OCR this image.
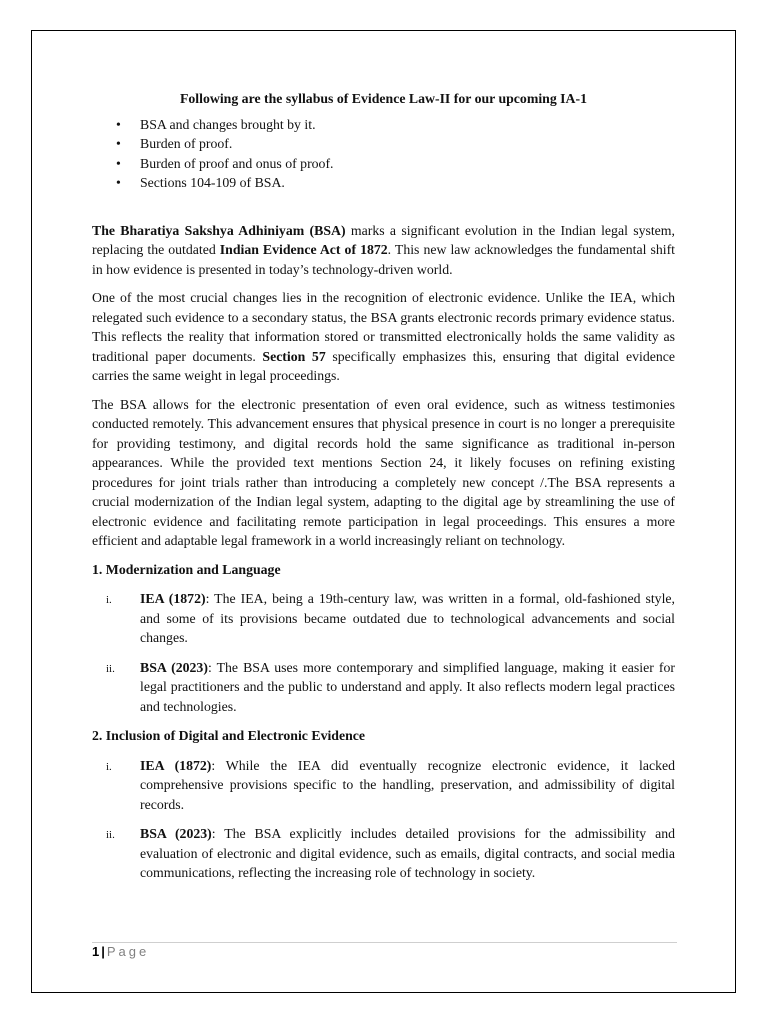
Following are the syllabus of Evidence Law-II for our upcoming IA-1

• BSA and changes brought by it.
• Burden of proof.
• Burden of proof and onus of proof.
• Sections 104-109 of BSA.

The Bharatiya Sakshya Adhiniyam (BSA) marks a significant evolution in the Indian legal system, replacing the outdated Indian Evidence Act of 1872. This new law acknowledges the fundamental shift in how evidence is presented in today’s technology-driven world.

One of the most crucial changes lies in the recognition of electronic evidence. Unlike the IEA, which relegated such evidence to a secondary status, the BSA grants electronic records primary evidence status. This reflects the reality that information stored or transmitted electronically holds the same validity as traditional paper documents. Section 57 specifically emphasizes this, ensuring that digital evidence carries the same weight in legal proceedings.

The BSA allows for the electronic presentation of even oral evidence, such as witness testimonies conducted remotely. This advancement ensures that physical presence in court is no longer a prerequisite for providing testimony, and digital records hold the same significance as traditional in-person appearances. While the provided text mentions Section 24, it likely focuses on refining existing procedures for joint trials rather than introducing a completely new concept /.The BSA represents a crucial modernization of the Indian legal system, adapting to the digital age by streamlining the use of electronic evidence and facilitating remote participation in legal proceedings. This ensures a more efficient and adaptable legal framework in a world increasingly reliant on technology.

1. Modernization and Language
i. IEA (1872): The IEA, being a 19th-century law, was written in a formal, old-fashioned style, and some of its provisions became outdated due to technological advancements and social changes.
ii. BSA (2023): The BSA uses more contemporary and simplified language, making it easier for legal practitioners and the public to understand and apply. It also reflects modern legal practices and technologies.
2. Inclusion of Digital and Electronic Evidence
i. IEA (1872): While the IEA did eventually recognize electronic evidence, it lacked comprehensive provisions specific to the handling, preservation, and admissibility of digital records.
ii. BSA (2023): The BSA explicitly includes detailed provisions for the admissibility and evaluation of electronic and digital evidence, such as emails, digital contracts, and social media communications, reflecting the increasing role of technology in society.
1 | Page
